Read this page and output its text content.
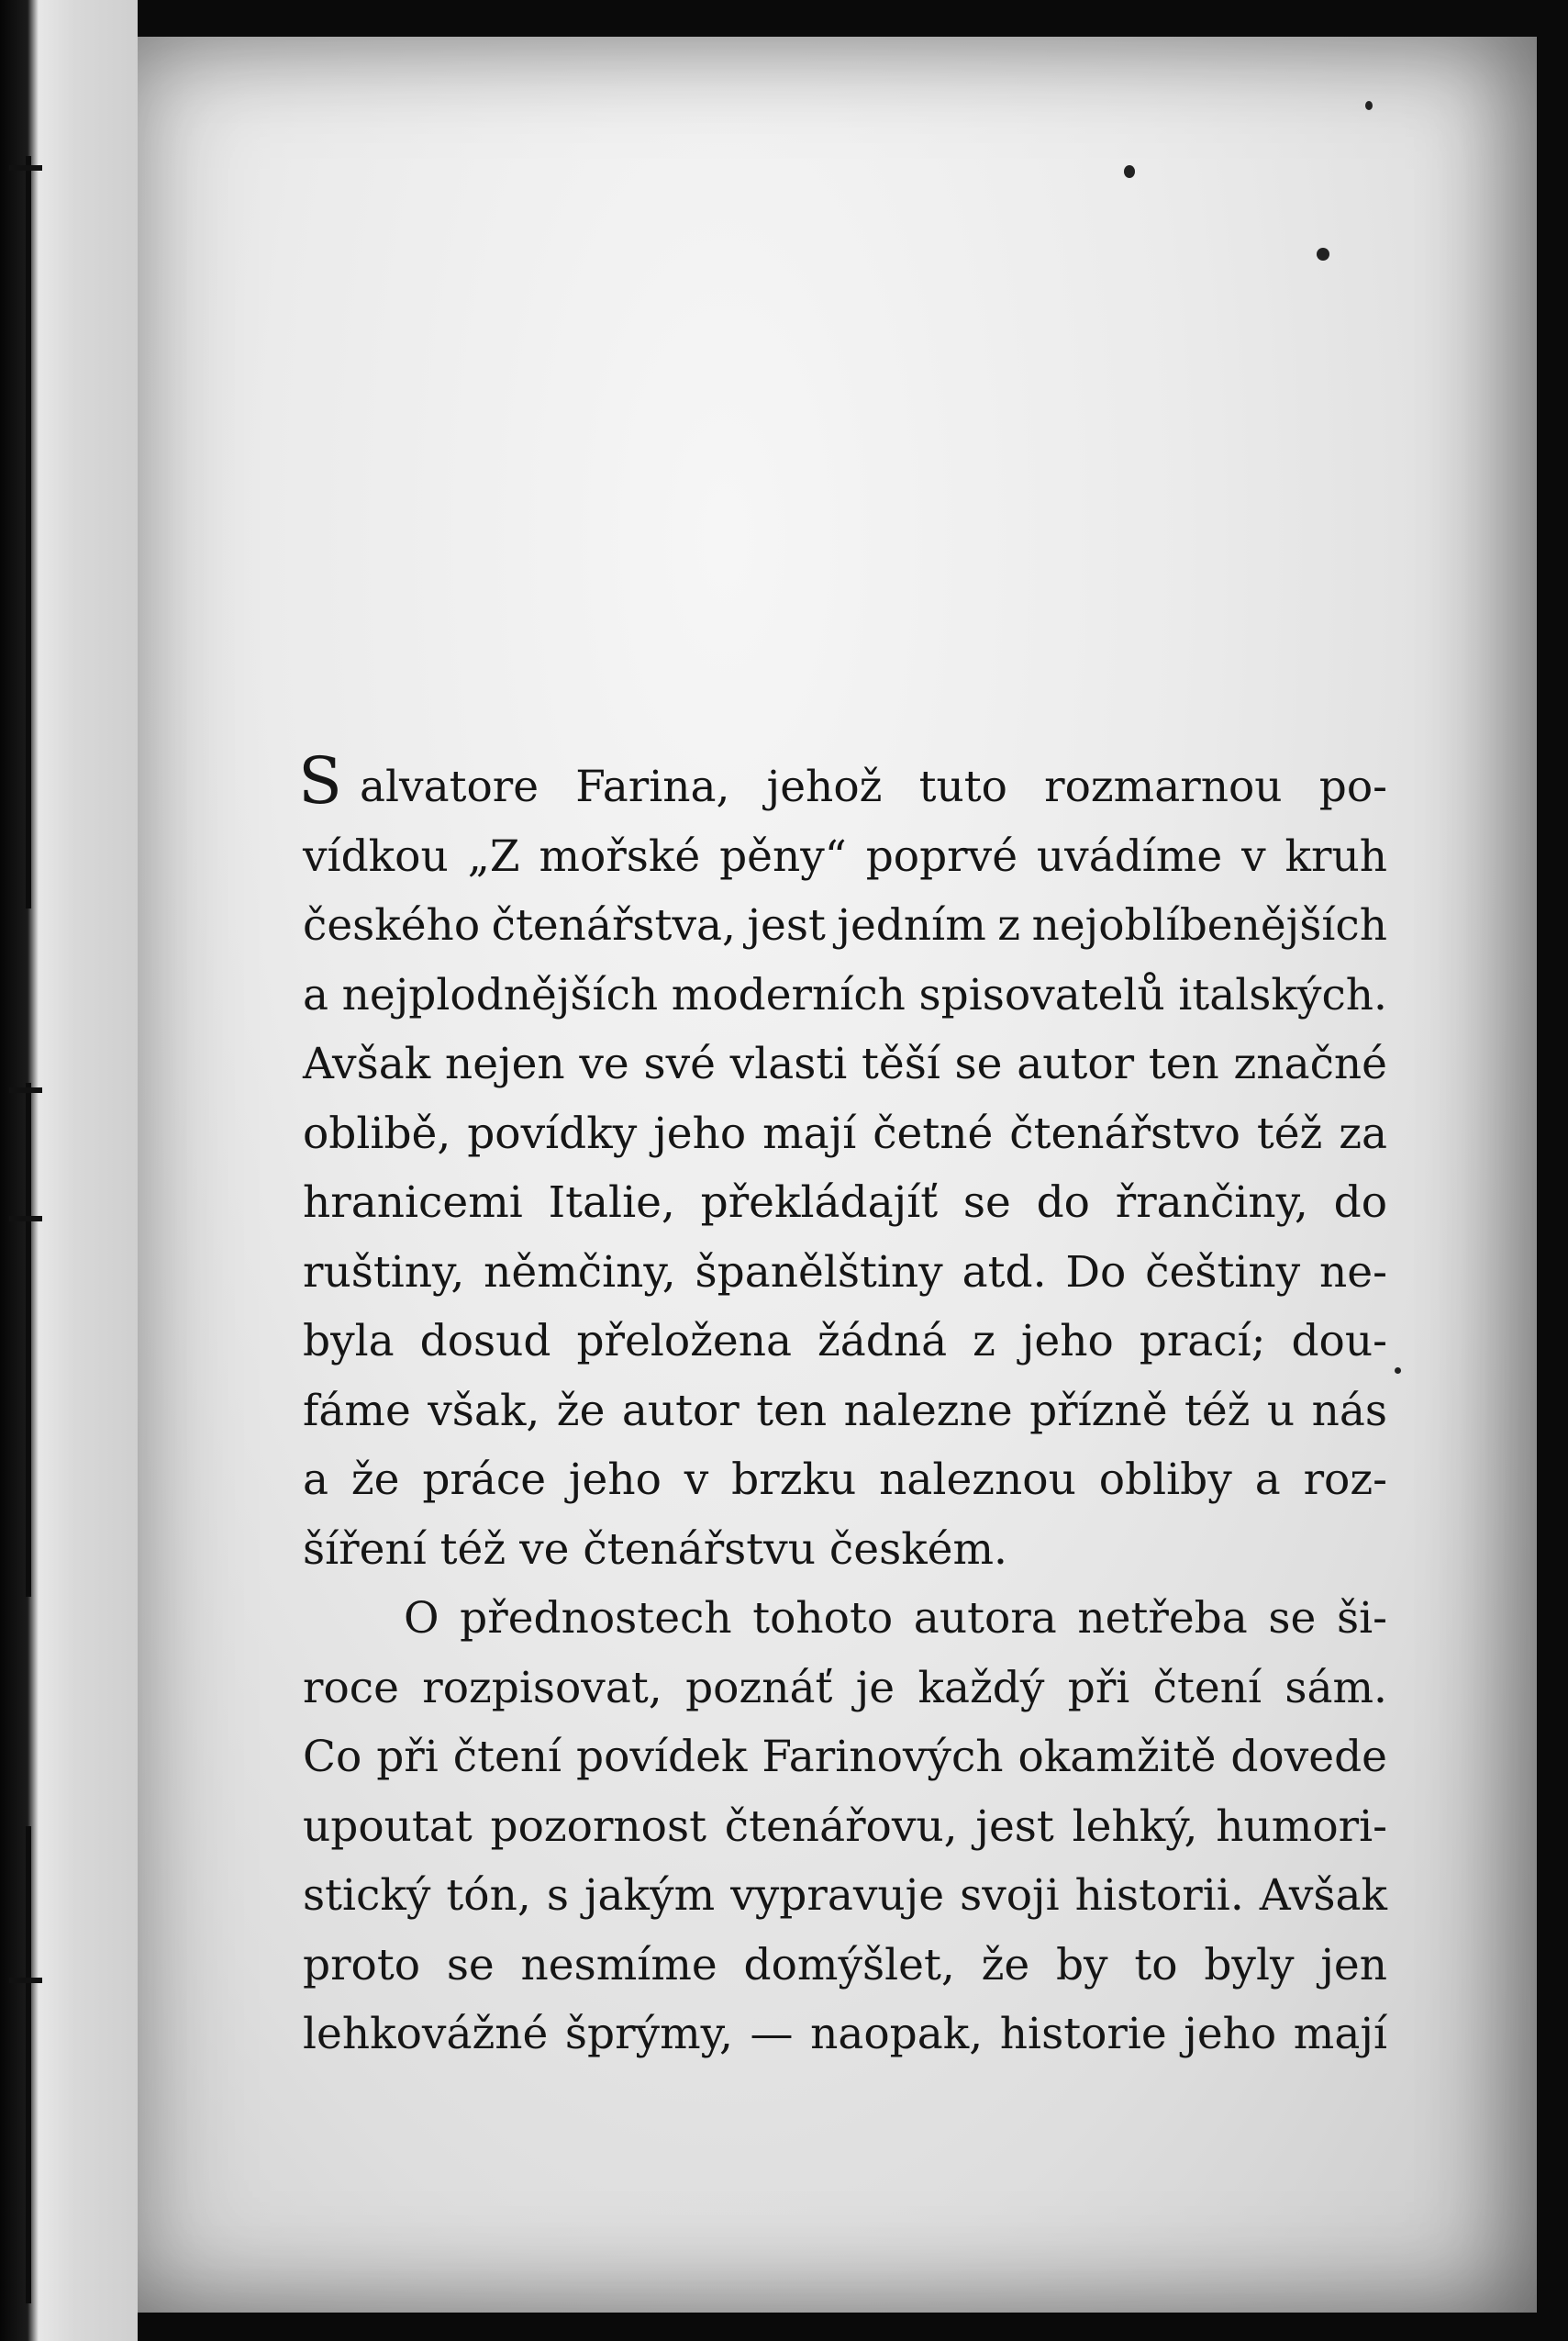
S alvatore Farina, jehož tuto rozmarnou po-
vídkou „Z mořské pěny“ poprvé uvádíme v kruh
českého čtenářstva, jest jedním z nejoblíbenějších
a nejplodnějších moderních spisovatelů italských.
Avšak nejen ve své vlasti těší se autor ten značné
oblibě, povídky jeho mají četné čtenářstvo též za
hranicemi Italie, překládajíť se do řrančiny, do
ruštiny, němčiny, španělštiny atd. Do češtiny ne-
byla dosud přeložena žádná z jeho prací; dou-
fáme však, že autor ten nalezne přízně též u nás
a že práce jeho v brzku naleznou obliby a roz-
šíření též ve čtenářstvu českém.
O přednostech tohoto autora netřeba se ši-
roce rozpisovat, poznáť je každý při čtení sám.
Co při čtení povídek Farinových okamžitě dovede
upoutat pozornost čtenářovu, jest lehký, humori-
stický tón, s jakým vypravuje svoji historii. Avšak
proto se nesmíme domýšlet, že by to byly jen
lehkovážné šprýmy, — naopak, historie jeho mají
